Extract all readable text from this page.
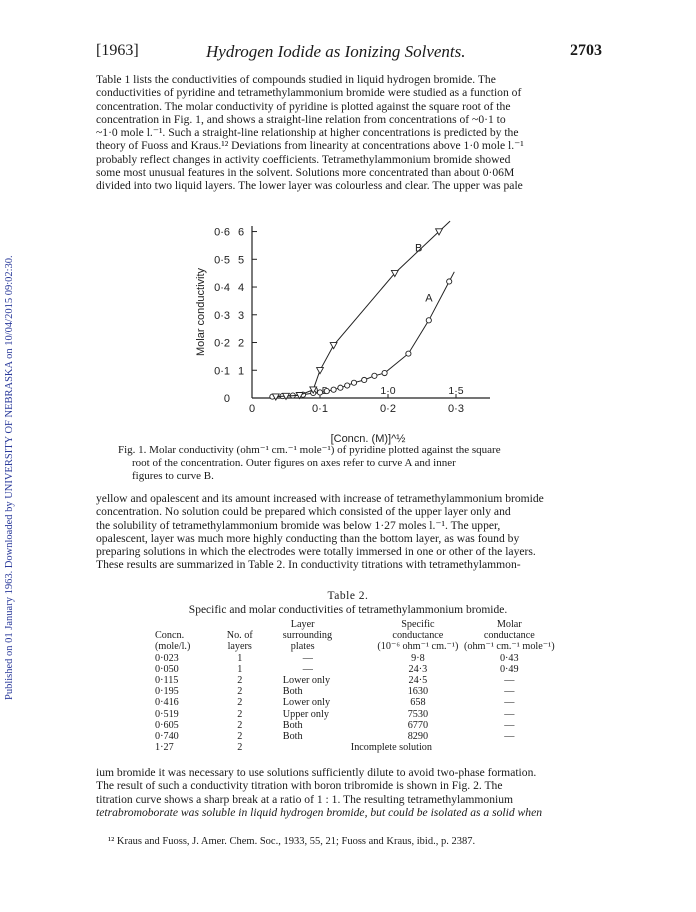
Published on 01 January 1963. Downloaded by UNIVERSITY OF NEBRASKA on 10/04/2015 09:02:30.
[1963]	Hydrogen Iodide as Ionizing Solvents.	2703
Table 1 lists the conductivities of compounds studied in liquid hydrogen bromide. The
conductivities of pyridine and tetramethylammonium bromide were studied as a function of
concentration. The molar conductivity of pyridine is plotted against the square root of the
concentration in Fig. 1, and shows a straight-line relation from concentrations of ~0·1 to
~1·0 mole l.⁻¹. Such a straight-line relationship at higher concentrations is predicted by the
theory of Fuoss and Kraus.¹² Deviations from linearity at concentrations above 1·0 mole l.⁻¹
probably reflect changes in activity coefficients. Tetramethylammonium bromide showed
some most unusual features in the solvent. Solutions more concentrated than about 0·06M
divided into two liquid layers. The lower layer was colourless and clear. The upper was pale
Molar conductivity
0·6
0·5
0·4
0·3
0·2
0·1
0
6
5
4
3
2
1
0	0·1	0·2	0·3
1·0	1·5
A
B
[Concn. (M)]^½
Fig. 1. Molar conductivity (ohm⁻¹ cm.⁻¹ mole⁻¹) of pyridine plotted against the square
root of the concentration. Outer figures on axes refer to curve A and inner
figures to curve B.
yellow and opalescent and its amount increased with increase of tetramethylammonium bromide
concentration. No solution could be prepared which consisted of the upper layer only and
the solubility of tetramethylammonium bromide was below 1·27 moles l.⁻¹. The upper,
opalescent, layer was much more highly conducting than the bottom layer, as was found by
preparing solutions in which the electrodes were totally immersed in one or other of the layers.
These results are summarized in Table 2. In conductivity titrations with tetramethylammon-
Table 2.
Specific and molar conductivities of tetramethylammonium bromide.
		Layer	Specific	Molar
Concn.	No. of	surrounding	conductance	conductance
(mole/l.)	layers	plates	(10⁻⁶ ohm⁻¹ cm.⁻¹)	(ohm⁻¹ cm.⁻¹ mole⁻¹)
0·023	1	—	9·8	0·43
0·050	1	—	24·3	0·49
0·115	2	Lower only	24·5	—
0·195	2	Both	1630	—
0·416	2	Lower only	658	—
0·519	2	Upper only	7530	—
0·605	2	Both	6770	—
0·740	2	Both	8290	—
1·27	2	Incomplete solution		
ium bromide it was necessary to use solutions sufficiently dilute to avoid two-phase formation.
The result of such a conductivity titration with boron tribromide is shown in Fig. 2. The
titration curve shows a sharp break at a ratio of 1 : 1. The resulting tetramethylammonium
tetrabromoborate was soluble in liquid hydrogen bromide, but could be isolated as a solid when
¹² Kraus and Fuoss, J. Amer. Chem. Soc., 1933, 55, 21; Fuoss and Kraus, ibid., p. 2387.
